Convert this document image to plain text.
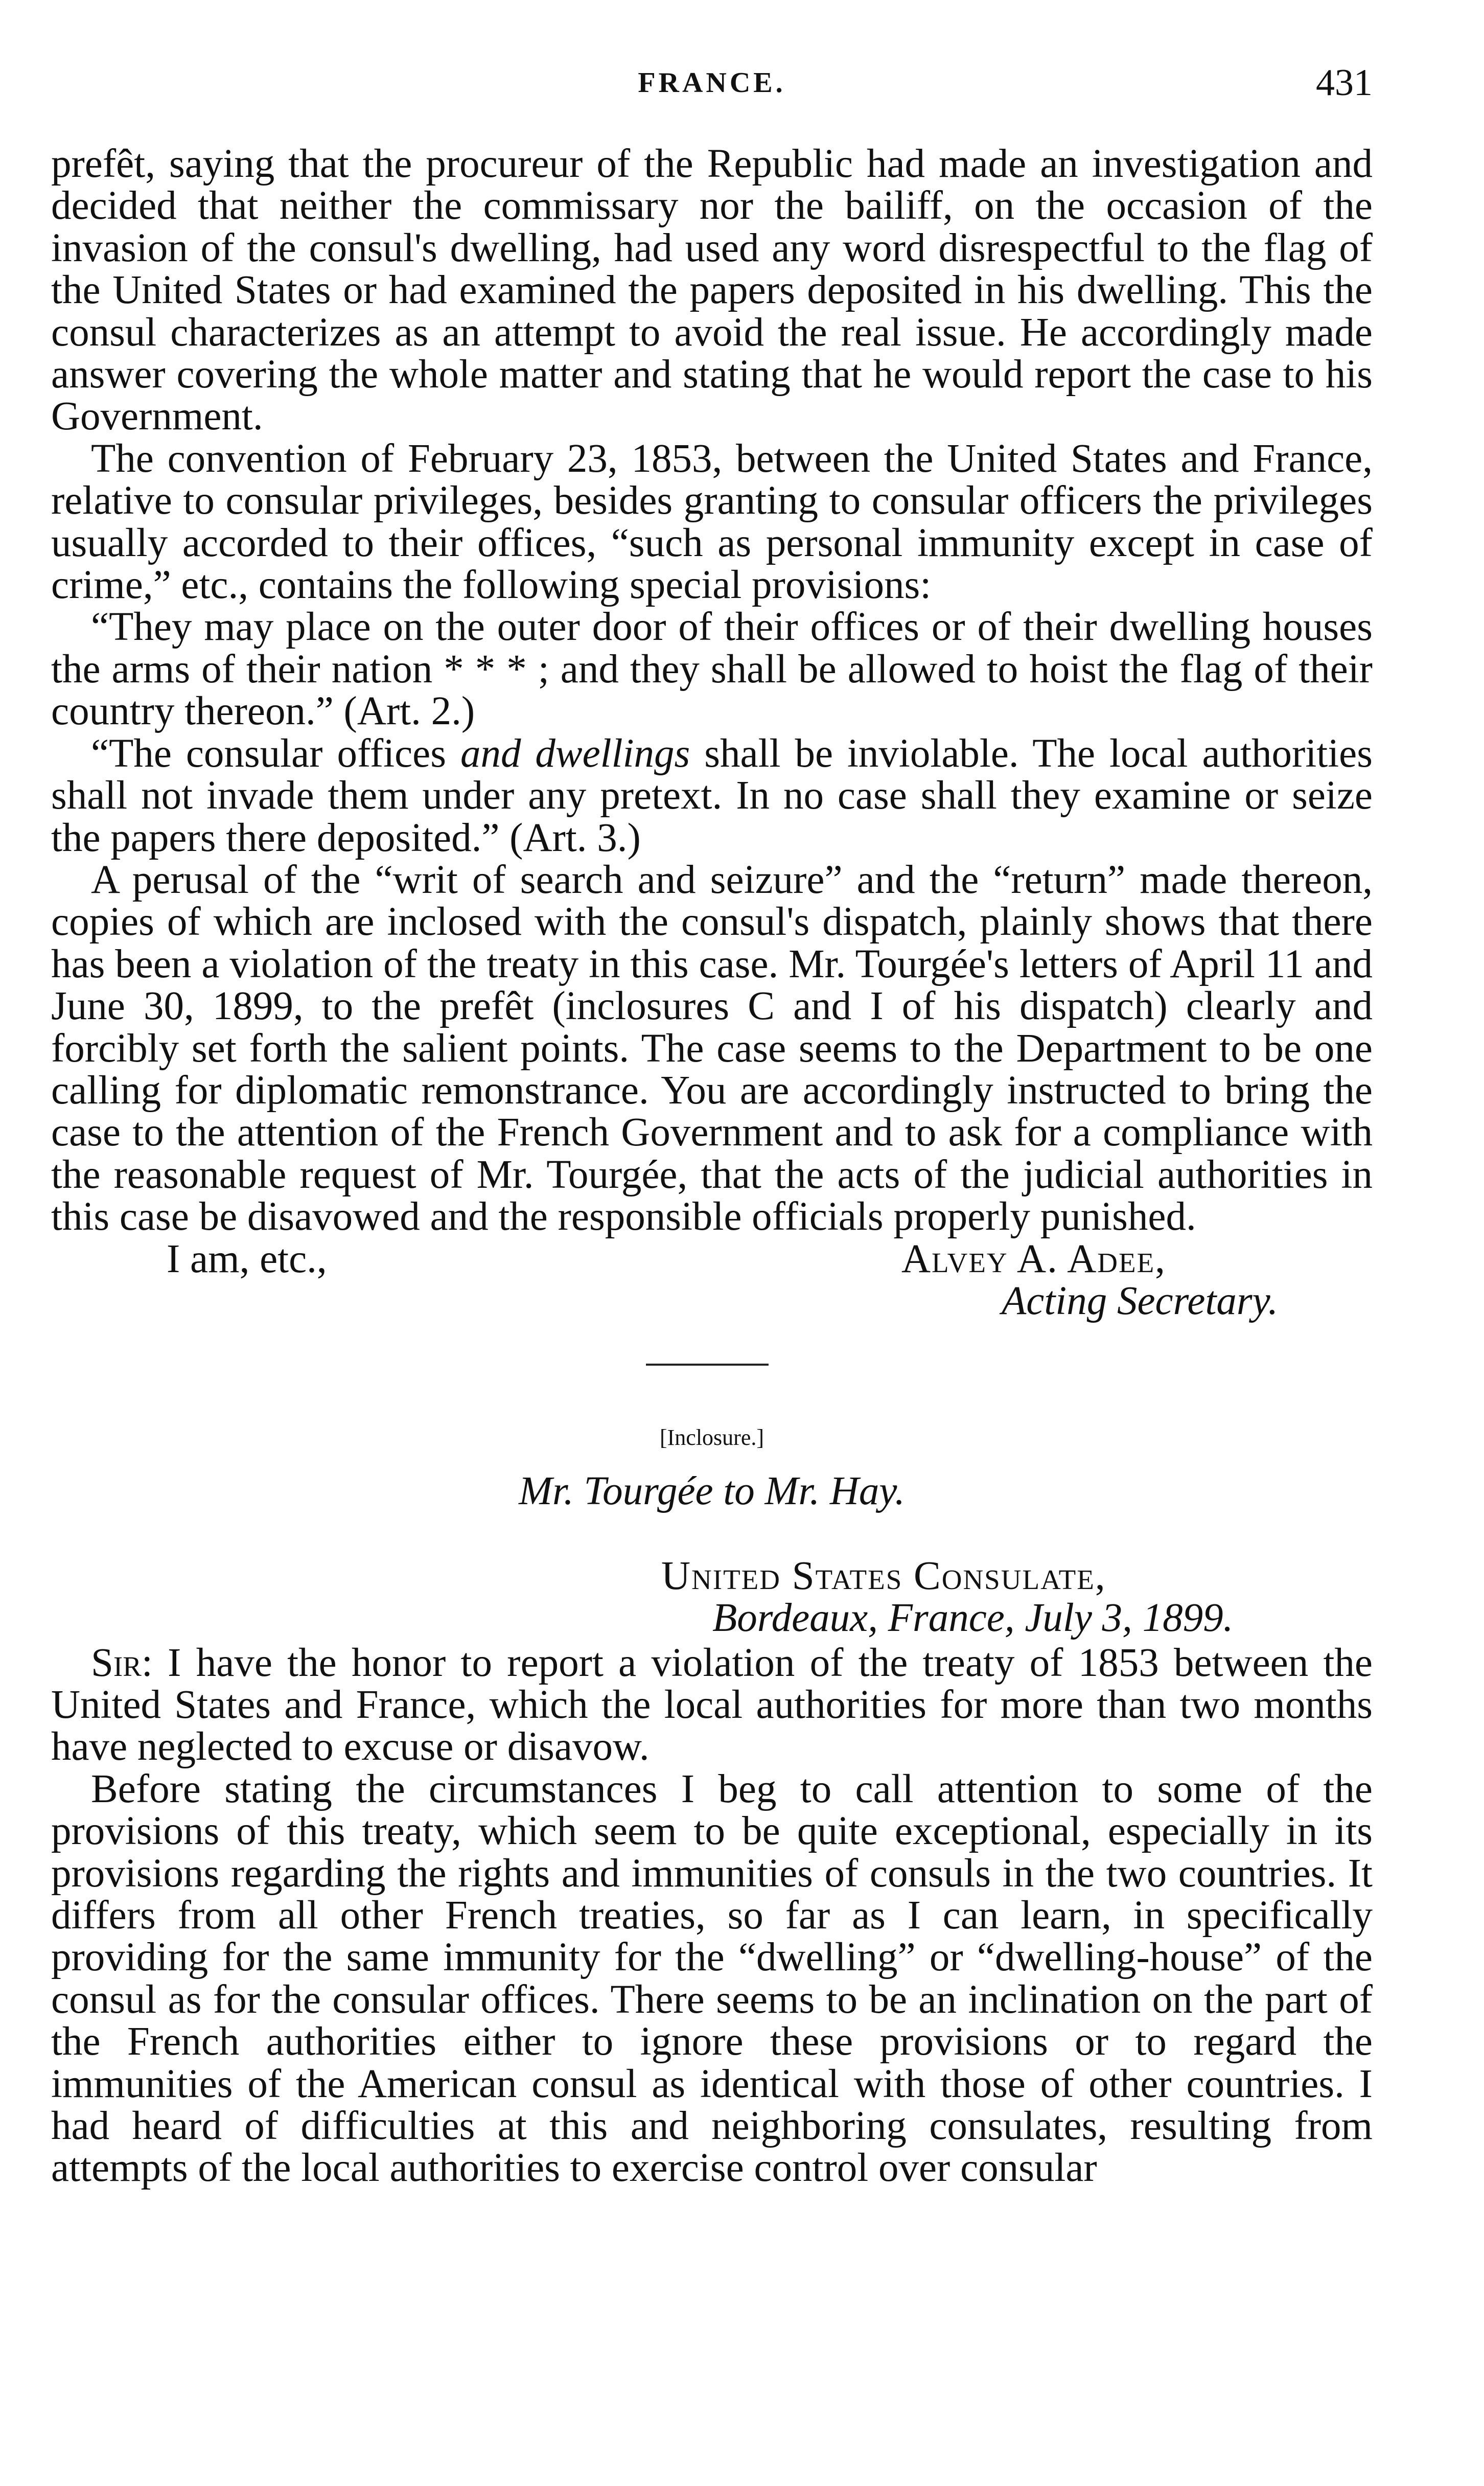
FRANCE.	431

prefêt, saying that the procureur of the Republic had made an investigation and decided that neither the commissary nor the bailiff, on the occasion of the invasion of the consul's dwelling, had used any word disrespectful to the flag of the United States or had examined the papers deposited in his dwelling. This the consul characterizes as an attempt to avoid the real issue. He accordingly made answer covering the whole matter and stating that he would report the case to his Government.

The convention of February 23, 1853, between the United States and France, relative to consular privileges, besides granting to consular officers the privileges usually accorded to their offices, “such as personal immunity except in case of crime,” etc., contains the following special provisions:

“They may place on the outer door of their offices or of their dwelling houses the arms of their nation * * * ; and they shall be allowed to hoist the flag of their country thereon.” (Art. 2.)

“The consular offices and dwellings shall be inviolable. The local authorities shall not invade them under any pretext. In no case shall they examine or seize the papers there deposited.” (Art. 3.)

A perusal of the “writ of search and seizure” and the “return” made thereon, copies of which are inclosed with the consul's dispatch, plainly shows that there has been a violation of the treaty in this case. Mr. Tourgée's letters of April 11 and June 30, 1899, to the prefêt (inclosures C and I of his dispatch) clearly and forcibly set forth the salient points. The case seems to the Department to be one calling for diplomatic remonstrance. You are accordingly instructed to bring the case to the attention of the French Government and to ask for a compliance with the reasonable request of Mr. Tourgée, that the acts of the judicial authorities in this case be disavowed and the responsible officials properly punished.

I am, etc.,	Alvey A. Adee,
Acting Secretary.
[Inclosure.]
Mr. Tourgée to Mr. Hay.
United States Consulate,
Bordeaux, France, July 3, 1899.

Sir: I have the honor to report a violation of the treaty of 1853 between the United States and France, which the local authorities for more than two months have neglected to excuse or disavow.

Before stating the circumstances I beg to call attention to some of the provisions of this treaty, which seem to be quite exceptional, especially in its provisions regarding the rights and immunities of consuls in the two countries. It differs from all other French treaties, so far as I can learn, in specifically providing for the same immunity for the “dwelling” or “dwelling-house” of the consul as for the consular offices. There seems to be an inclination on the part of the French authorities either to ignore these provisions or to regard the immunities of the American consul as identical with those of other countries. I had heard of difficulties at this and neighboring consulates, resulting from attempts of the local authorities to exercise control over consular
